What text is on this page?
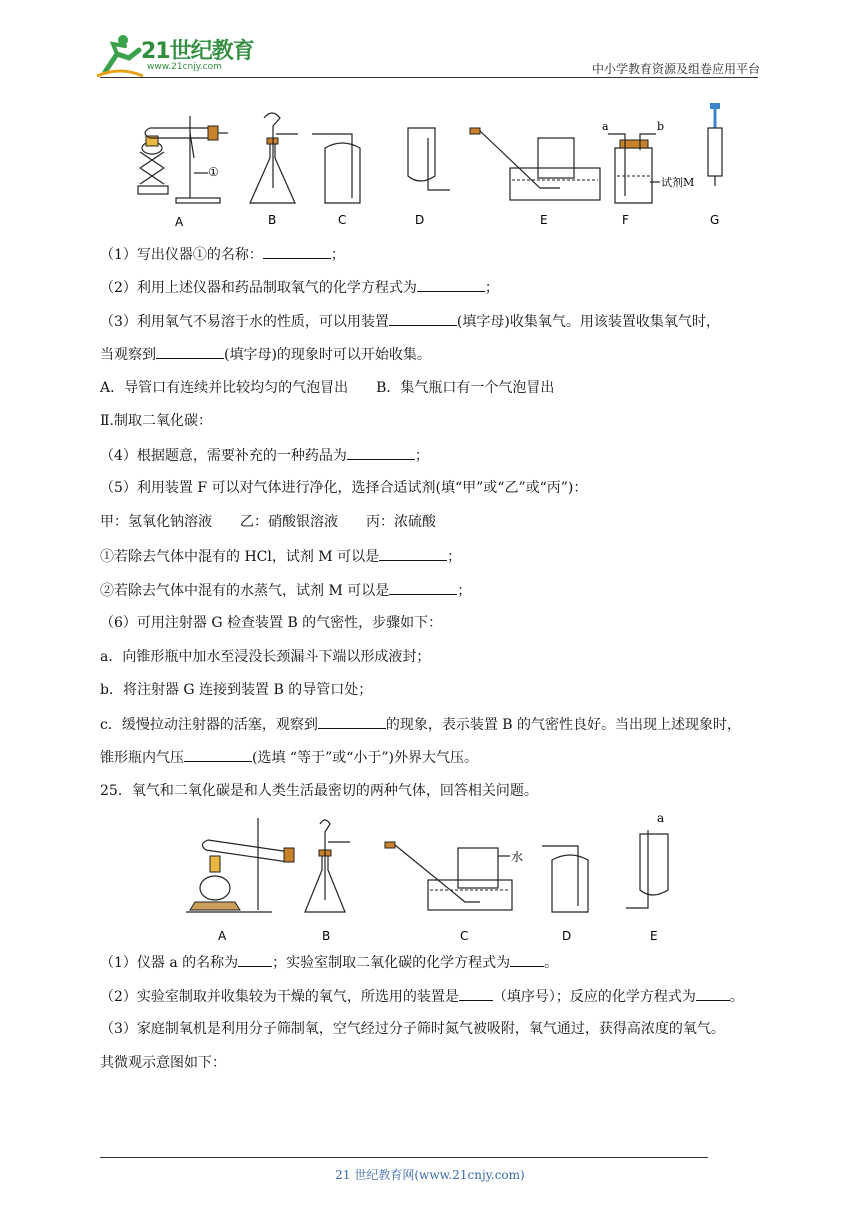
21世纪教育
www.21cnjy.com	中小学教育资源及组卷应用平台
①
a	b
试剂M
A	B	C	D	E	F	G
（1）写出仪器①的名称：	；
（2）利用上述仪器和药品制取氧气的化学方程式为	；
（3）利用氧气不易溶于水的性质，可以用装置	(填字母)收集氧气。用该装置收集氧气时，
当观察到	(填字母)的现象时可以开始收集。
A．导管口有连续并比较均匀的气泡冒出　　B．集气瓶口有一个气泡冒出
Ⅱ.制取二氧化碳：
（4）根据题意，需要补充的一种药品为	；
（5）利用装置 F 可以对气体进行净化，选择合适试剂(填“甲”或“乙”或“丙”)：
甲：氢氧化钠溶液　　乙：硝酸银溶液　　丙：浓硫酸
①若除去气体中混有的 HCl，试剂 M 可以是	；
②若除去气体中混有的水蒸气，试剂 M 可以是	；
（6）可用注射器 G 检查装置 B 的气密性，步骤如下：
a．向锥形瓶中加水至浸没长颈漏斗下端以形成液封；
b．将注射器 G 连接到装置 B 的导管口处；
c．缓慢拉动注射器的活塞，观察到	的现象，表示装置 B 的气密性良好。当出现上述现象时，
锥形瓶内气压	(选填 “等于”或“小于”)外界大气压。
25．氧气和二氧化碳是和人类生活最密切的两种气体，回答相关问题。
水
a
A	B	C	D	E
（1）仪器 a 的名称为 ；实验室制取二氧化碳的化学方程式为 。
（2）实验室制取并收集较为干燥的氧气，所选用的装置是 （填序号）；反应的化学方程式为 。
（3）家庭制氧机是利用分子筛制氧，空气经过分子筛时氮气被吸附，氧气通过，获得高浓度的氧气。
其微观示意图如下：
21 世纪教育网(www.21cnjy.com)
